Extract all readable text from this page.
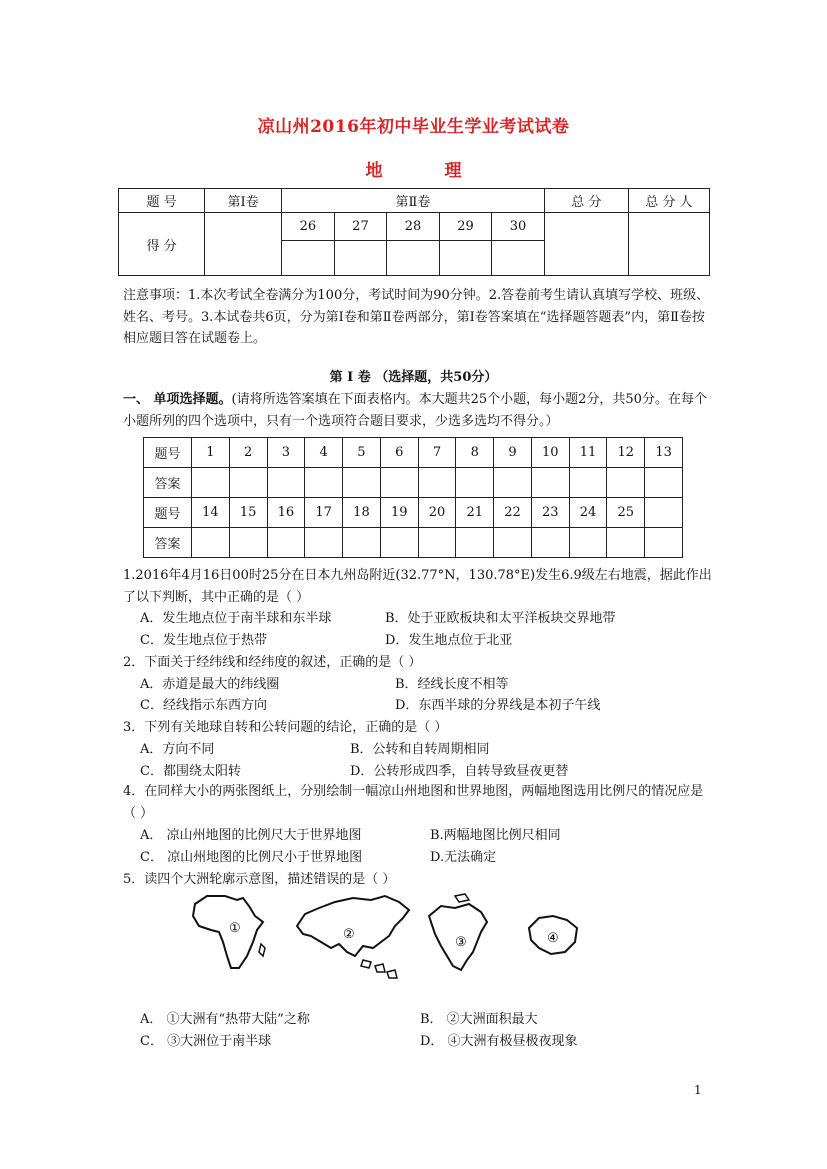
凉山州2016年初中毕业生学业考试试卷
地 理
题 号	第Ⅰ卷	第Ⅱ卷					总 分	总 分 人
得 分		26	27	28	29	30		

注意事项：1.本次考试全卷满分为100分，考试时间为90分钟。2.答卷前考生请认真填写学校、班级、姓名、考号。3.本试卷共6页，分为第Ⅰ卷和第Ⅱ卷两部分，第Ⅰ卷答案填在“选择题答题表”内，第Ⅱ卷按相应题目答在试题卷上。

第 Ⅰ 卷 （选择题，共50分）

一、 单项选择题。(请将所选答案填在下面表格内。本大题共25个小题，每小题2分，共50分。在每个小题所列的四个选项中，只有一个选项符合题目要求，少选多选均不得分。）

题号	1	2	3	4	5	6	7	8	9	10	11	12	13
答案													
题号	14	15	16	17	18	19	20	21	22	23	24	25	
答案													

1.2016年4月16日00时25分在日本九州岛附近(32.77°N，130.78°E)发生6.9级左右地震，据此作出了以下判断，其中正确的是（ ）

A．发生地点位于南半球和东半球	B．处于亚欧板块和太平洋板块交界地带
C．发生地点位于热带	D．发生地点位于北亚
2．下面关于经纬线和经纬度的叙述，正确的是（ ）
A．赤道是最大的纬线圈	B．经线长度不相等
C．经线指示东西方向	D．东西半球的分界线是本初子午线
3．下列有关地球自转和公转问题的结论，正确的是（ ）
A．方向不同	B．公转和自转周期相同
C．都围绕太阳转	D．公转形成四季，自转导致昼夜更替

4．在同样大小的两张图纸上，分别绘制一幅凉山州地图和世界地图，两幅地图选用比例尺的情况应是（ ）

A． 凉山州地图的比例尺大于世界地图	B.两幅地图比例尺相同
C． 凉山州地图的比例尺小于世界地图	D.无法确定
5．读四个大洲轮廓示意图，描述错误的是（ ）
①	②
③	④
A． ①大洲有“热带大陆”之称	B． ②大洲面积最大
C． ③大洲位于南半球	D． ④大洲有极昼极夜现象
1
